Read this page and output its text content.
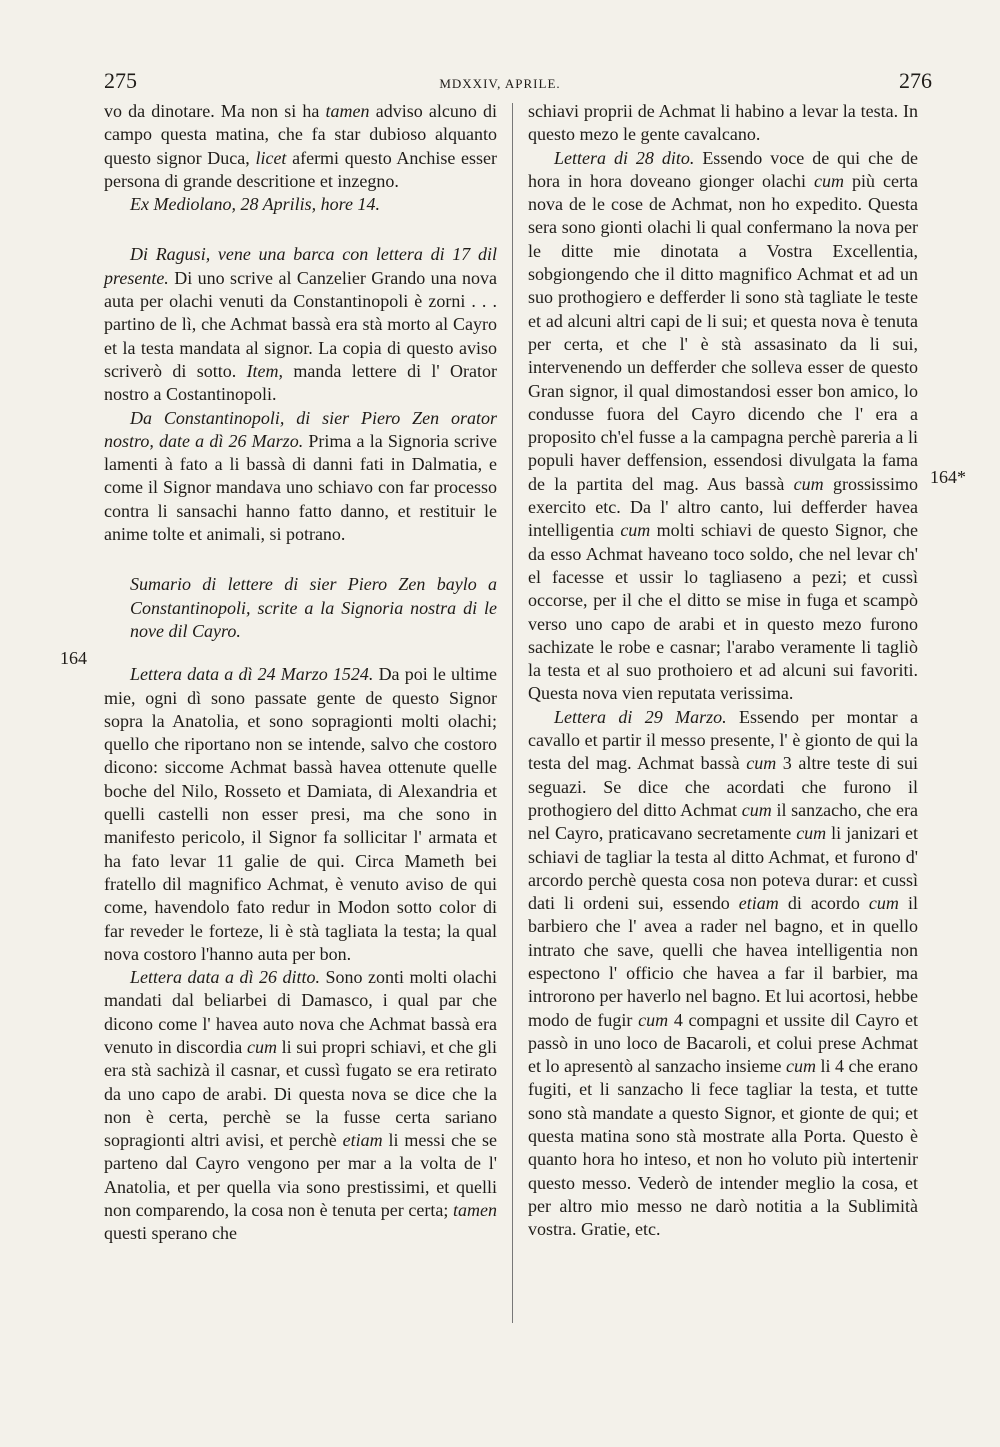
275	MDXXIV, APRILE.	276
164
164*

vo da dinotare. Ma non si ha tamen adviso alcuno di campo questa matina, che fa star dubioso alquanto questo signor Duca, licet afermi questo Anchise esser persona di grande descritione et inzegno.

Ex Mediolano, 28 Aprilis, hore 14.

Di Ragusi, vene una barca con lettera di 17 dil presente. Di uno scrive al Canzelier Grando una nova auta per olachi venuti da Constantinopoli è zorni . . . partino de lì, che Achmat bassà era stà morto al Cayro et la testa mandata al signor. La copia di questo aviso scriverò di sotto. Item, manda lettere di l' Orator nostro a Costantinopoli.

Da Constantinopoli, di sier Piero Zen orator nostro, date a dì 26 Marzo. Prima a la Signoria scrive lamenti à fato a li bassà di danni fati in Dalmatia, e come il Signor mandava uno schiavo con far processo contra li sansachi hanno fatto danno, et restituir le anime tolte et animali, si potrano.

Sumario di lettere di sier Piero Zen baylo a Constantinopoli, scrite a la Signoria nostra di le nove dil Cayro.

Lettera data a dì 24 Marzo 1524. Da poi le ultime mie, ogni dì sono passate gente de questo Signor sopra la Anatolia, et sono sopragionti molti olachi; quello che riportano non se intende, salvo che costoro dicono: siccome Achmat bassà havea ottenute quelle boche del Nilo, Rosseto et Damiata, di Alexandria et quelli castelli non esser presi, ma che sono in manifesto pericolo, il Signor fa sollicitar l' armata et ha fato levar 11 galie de qui. Circa Mameth bei fratello dil magnifico Achmat, è venuto aviso de qui come, havendolo fato redur in Modon sotto color di far reveder le forteze, li è stà tagliata la testa; la qual nova costoro l'hanno auta per bon.

Lettera data a dì 26 ditto. Sono zonti molti olachi mandati dal beliarbei di Damasco, i qual par che dicono come l' havea auto nova che Achmat bassà era venuto in discordia cum li sui propri schiavi, et che gli era stà sachizà il casnar, et cussì fugato se era retirato da uno capo de arabi. Di questa nova se dice che la non è certa, perchè se la fusse certa sariano sopragionti altri avisi, et perchè etiam li messi che se parteno dal Cayro vengono per mar a la volta de l' Anatolia, et per quella via sono prestissimi, et quelli non comparendo, la cosa non è tenuta per certa; tamen questi sperano che

schiavi proprii de Achmat li habino a levar la testa. In questo mezo le gente cavalcano.

Lettera di 28 dito. Essendo voce de qui che de hora in hora doveano gionger olachi cum più certa nova de le cose de Achmat, non ho expedito. Questa sera sono gionti olachi li qual confermano la nova per le ditte mie dinotata a Vostra Excellentia, sobgiongendo che il ditto magnifico Achmat et ad un suo prothogiero e defferder li sono stà tagliate le teste et ad alcuni altri capi de li sui; et questa nova è tenuta per certa, et che l' è stà assasinato da li sui, intervenendo un defferder che solleva esser de questo Gran signor, il qual dimostandosi esser bon amico, lo condusse fuora del Cayro dicendo che l' era a proposito ch'el fusse a la campagna perchè pareria a li populi haver deffension, essendosi divulgata la fama de la partita del mag. Aus bassà cum grossissimo exercito etc. Da l' altro canto, lui defferder havea intelligentia cum molti schiavi de questo Signor, che da esso Achmat haveano toco soldo, che nel levar ch' el facesse et ussir lo tagliaseno a pezi; et cussì occorse, per il che el ditto se mise in fuga et scampò verso uno capo de arabi et in questo mezo furono sachizate le robe e casnar; l'arabo veramente li tagliò la testa et al suo prothoiero et ad alcuni sui favoriti. Questa nova vien reputata verissima.

Lettera di 29 Marzo. Essendo per montar a cavallo et partir il messo presente, l' è gionto de qui la testa del mag. Achmat bassà cum 3 altre teste di sui seguazi. Se dice che acordati che furono il prothogiero del ditto Achmat cum il sanzacho, che era nel Cayro, praticavano secretamente cum li janizari et schiavi de tagliar la testa al ditto Achmat, et furono d' arcordo perchè questa cosa non poteva durar: et cussì dati li ordeni sui, essendo etiam di acordo cum il barbiero che l' avea a rader nel bagno, et in quello intrato che save, quelli che havea intelligentia non espectono l' officio che havea a far il barbier, ma introrono per haverlo nel bagno. Et lui acortosi, hebbe modo de fugir cum 4 compagni et ussite dil Cayro et passò in uno loco de Bacaroli, et colui prese Achmat et lo apresentò al sanzacho insieme cum li 4 che erano fugiti, et li sanzacho li fece tagliar la testa, et tutte sono stà mandate a questo Signor, et gionte de qui; et questa matina sono stà mostrate alla Porta. Questo è quanto hora ho inteso, et non ho voluto più intertenir questo messo. Vederò de intender meglio la cosa, et per altro mio messo ne darò notitia a la Sublimità vostra. Gratie, etc.
